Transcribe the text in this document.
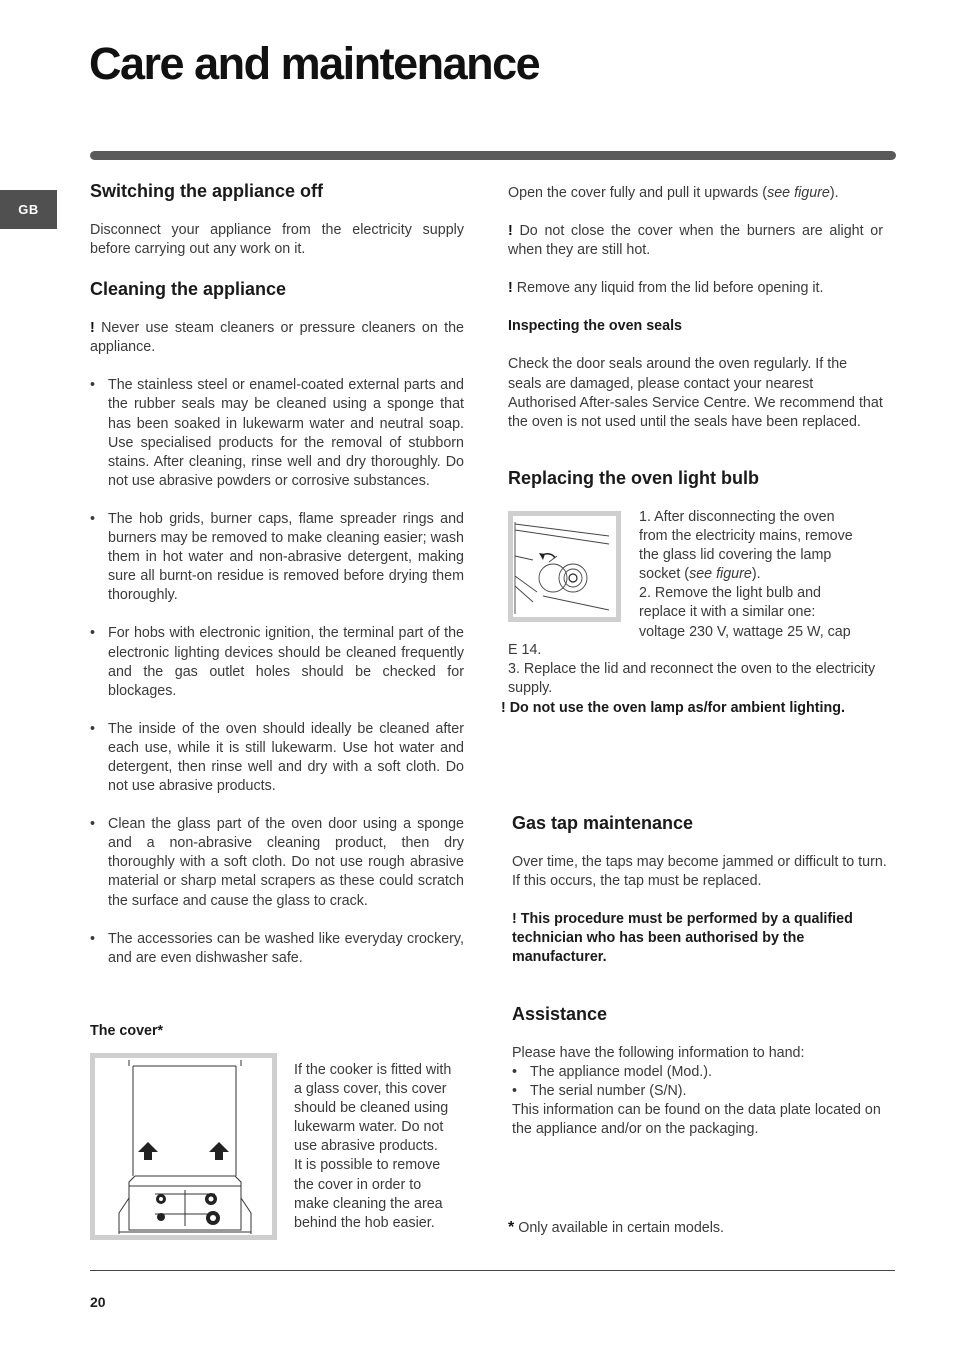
Care and maintenance
GB
Switching the appliance off

Disconnect your appliance from the electricity supply before carrying out any work on it.

Cleaning the appliance

! Never use steam cleaners or pressure cleaners on the appliance.

• The stainless steel or enamel-coated external parts and the rubber seals may be cleaned using a sponge that has been soaked in lukewarm water and neutral soap. Use specialised products for the removal of stubborn stains. After cleaning, rinse well and dry thoroughly. Do not use abrasive powders or corrosive substances.
• The hob grids, burner caps, flame spreader rings and burners may be removed to make cleaning easier; wash them in hot water and non-abrasive detergent, making sure all burnt-on residue is removed before drying them thoroughly.
• For hobs with electronic ignition, the terminal part of the electronic lighting devices should be cleaned frequently and the gas outlet holes should be checked for blockages.
• The inside of the oven should ideally be cleaned after each use, while it is still lukewarm. Use hot water and detergent, then rinse well and dry with a soft cloth. Do not use abrasive products.
• Clean the glass part of the oven door using a sponge and a non-abrasive cleaning product, then dry thoroughly with a soft cloth. Do not use rough abrasive material or sharp metal scrapers as these could scratch the surface and cause the glass to crack.
• The accessories can be washed like everyday crockery, and are even dishwasher safe.
The cover*

If the cooker is fitted with

a glass cover, this cover

should be cleaned using

lukewarm water. Do not

use abrasive products.

It is possible to remove

the cover in order to

make cleaning the area

behind the hob easier.

Open the cover fully and pull it upwards (see figure).

! Do not close the cover when the burners are alight or when they are still hot.

! Remove any liquid from the lid before opening it.

Inspecting the oven seals

Check the door seals around the oven regularly. If the seals are damaged, please contact your nearest Authorised After-sales Service Centre. We recommend that the oven is not used until the seals have been replaced.

Replacing the oven light bulb

1. After disconnecting the oven

from the electricity mains, remove

the glass lid covering the lamp

socket (see figure).

2. Remove the light bulb and

replace it with a similar one:

voltage 230 V, wattage 25 W, cap

E 14.

3. Replace the lid and reconnect the oven to the electricity supply.

! Do not use the oven lamp as/for ambient lighting.
Gas tap maintenance

Over time, the taps may become jammed or difficult to turn. If this occurs, the tap must be replaced.

! This procedure must be performed by a qualified technician who has been authorised by the manufacturer.

Assistance

Please have the following information to hand:

• The appliance model (Mod.).
• The serial number (S/N).

This information can be found on the data plate located on the appliance and/or on the packaging.

* Only available in certain models.
20
